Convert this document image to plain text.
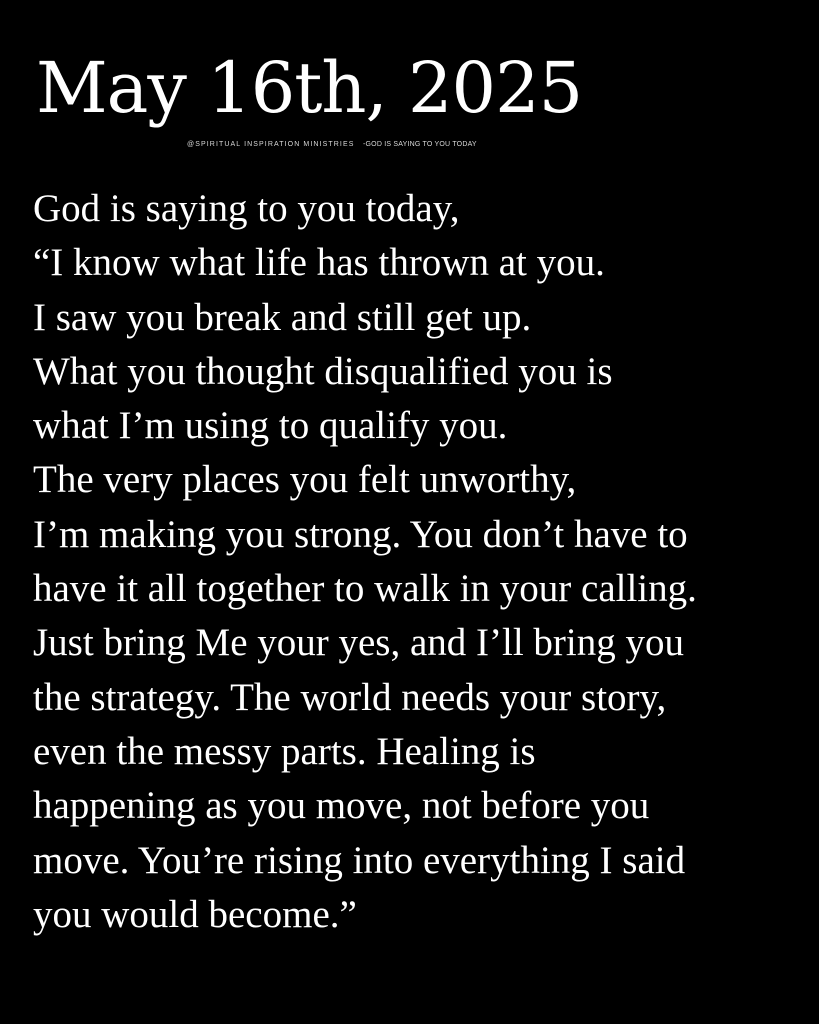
May 16th, 2025
@SPIRITUAL INSPIRATION MINISTRIES -GOD IS SAYING TO YOU TODAY
God is saying to you today,
“I know what life has thrown at you.
I saw you break and still get up.
What you thought disqualified you is
what I’m using to qualify you.
The very places you felt unworthy,
I’m making you strong. You don’t have to
have it all together to walk in your calling.
Just bring Me your yes, and I’ll bring you
the strategy. The world needs your story,
even the messy parts. Healing is
happening as you move, not before you
move. You’re rising into everything I said
you would become.”
